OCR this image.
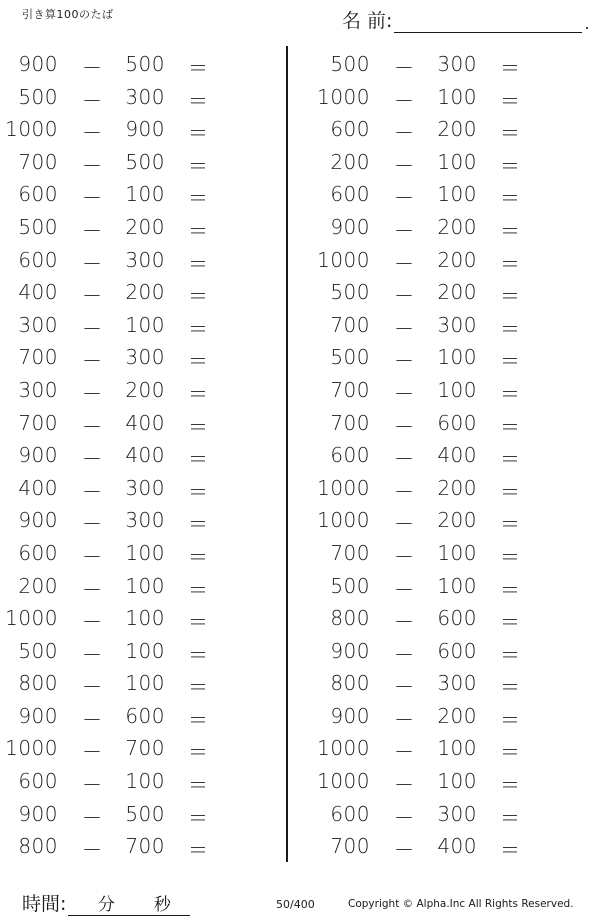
引き算100のたば	名 前:	.
900 － 500 ＝
500 － 300 ＝
1000 － 900 ＝
700 － 500 ＝
600 － 100 ＝
500 － 200 ＝
600 － 300 ＝
400 － 200 ＝
300 － 100 ＝
700 － 300 ＝
300 － 200 ＝
700 － 400 ＝
900 － 400 ＝
400 － 300 ＝
900 － 300 ＝
600 － 100 ＝
200 － 100 ＝
1000 － 100 ＝
500 － 100 ＝
800 － 100 ＝
900 － 600 ＝
1000 － 700 ＝
600 － 100 ＝
900 － 500 ＝
800 － 700 ＝
500 － 300 ＝
1000 － 100 ＝
600 － 200 ＝
200 － 100 ＝
600 － 100 ＝
900 － 200 ＝
1000 － 200 ＝
500 － 200 ＝
700 － 300 ＝
500 － 100 ＝
700 － 100 ＝
700 － 600 ＝
600 － 400 ＝
1000 － 200 ＝
1000 － 200 ＝
700 － 100 ＝
500 － 100 ＝
800 － 600 ＝
900 － 600 ＝
800 － 300 ＝
900 － 200 ＝
1000 － 100 ＝
1000 － 100 ＝
600 － 300 ＝
700 － 400 ＝
時間: 分 秒	50/400	Copyright © Alpha.Inc All Rights Reserved.
